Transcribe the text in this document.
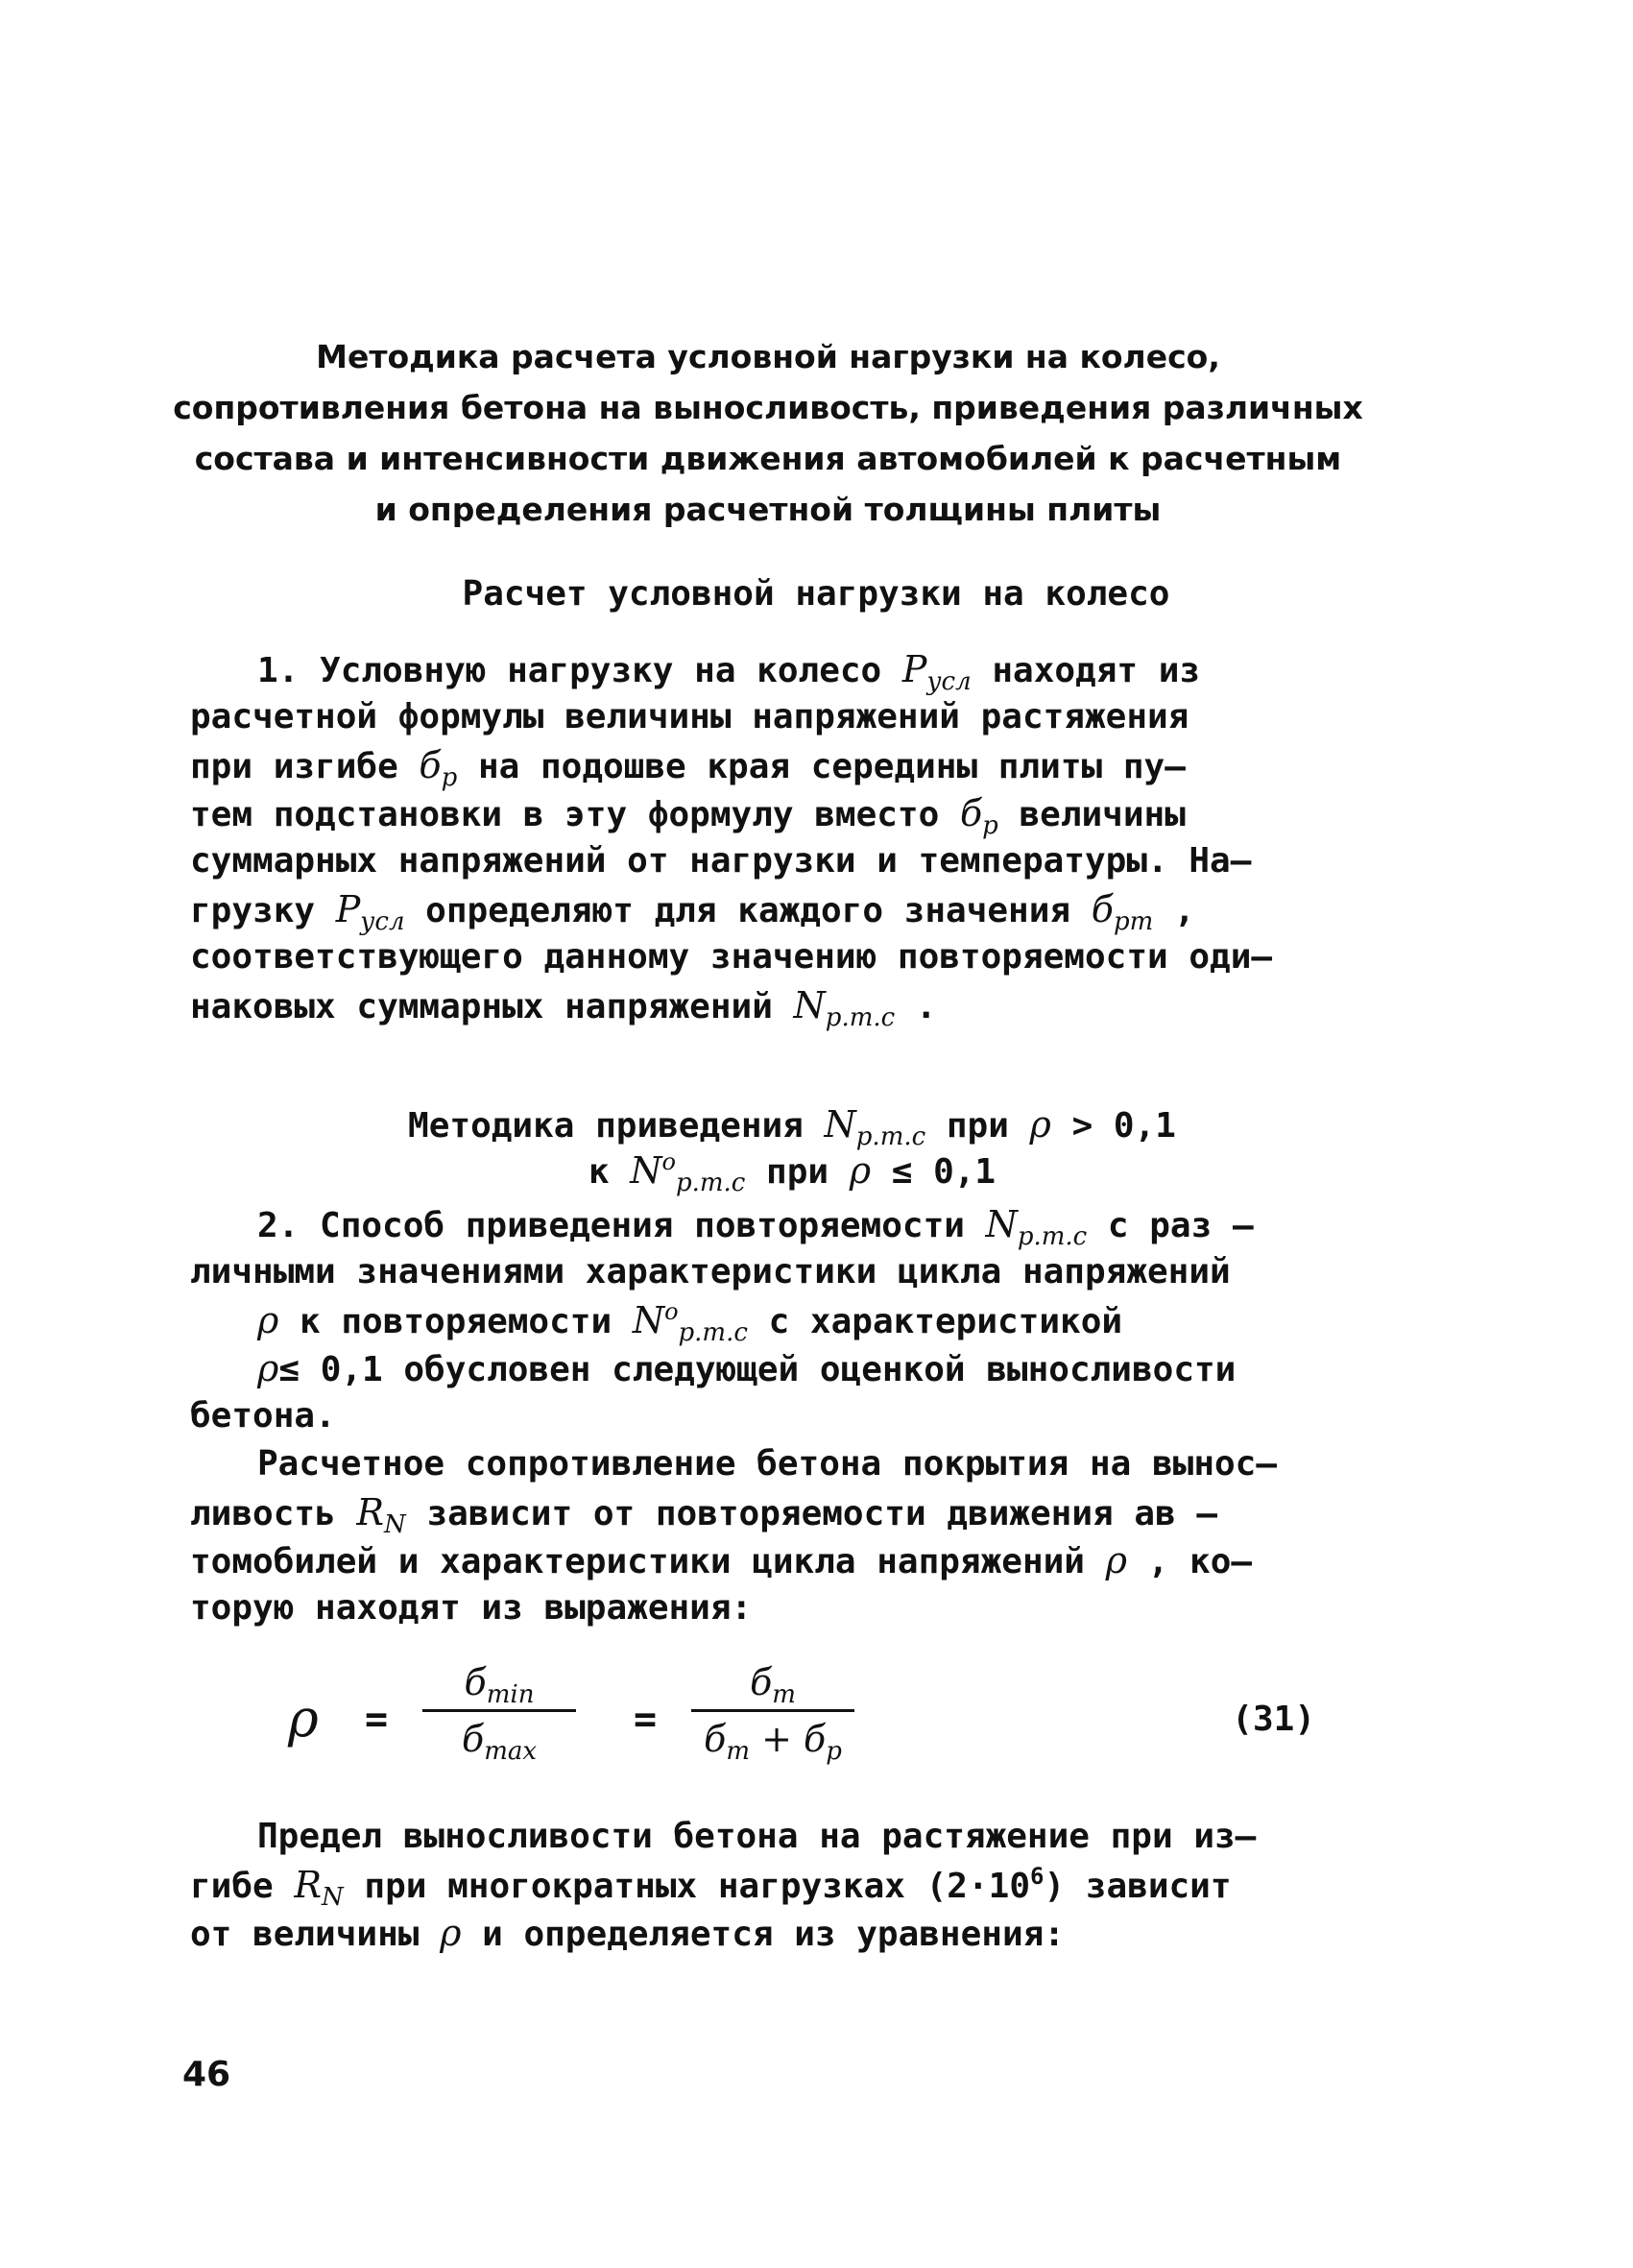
Методика расчета условной нагрузки на колесо,
сопротивления бетона на выносливость, приведения различных
состава и интенсивности движения автомобилей к расчетным
и определения расчетной толщины плиты
Расчет условной нагрузки на колесо
1. Условную нагрузку на колесо $P_{усл}$ находят из
расчетной формулы величины напряжений растяжения
при изгибе $б_р$ на подошве края середины плиты пу–
тем подстановки в эту формулу вместо $б_р$ величины
суммарных напряжений от нагрузки и температуры. На–
грузку $P_{усл}$ определяют для каждого значения $б_{рт}$ ,
соответствующего данному значению повторяемости оди–
наковых суммарных напряжений $N_{р.т.с}$ .
Методика приведения $N_{р.т.с}$ при ρ > 0,1
к $N^о_{р.т.с}$ при ρ ≤ 0,1
2. Способ приведения повторяемости $N_{р.т.с}$ с раз –
личными значениями характеристики цикла напряжений
ρ к повторяемости $N^о_{р.т.с}$ с характеристикой
ρ≤ 0,1 обусловен следующей оценкой выносливости
бетона.
Расчетное сопротивление бетона покрытия на вынос–
ливость $R_N$ зависит от повторяемости движения ав –
томобилей и характеристики цикла напряжений ρ , ко–
торую находят из выражения:
ρ =
$б_{min}$
$б_{max}$
=
$б_т$
$б_т + б_р$
(31)
Предел выносливости бетона на растяжение при из–
гибе $R_N$ при многократных нагрузках $(2\cdot 10^6)$ зависит
от величины ρ и определяется из уравнения:
46
